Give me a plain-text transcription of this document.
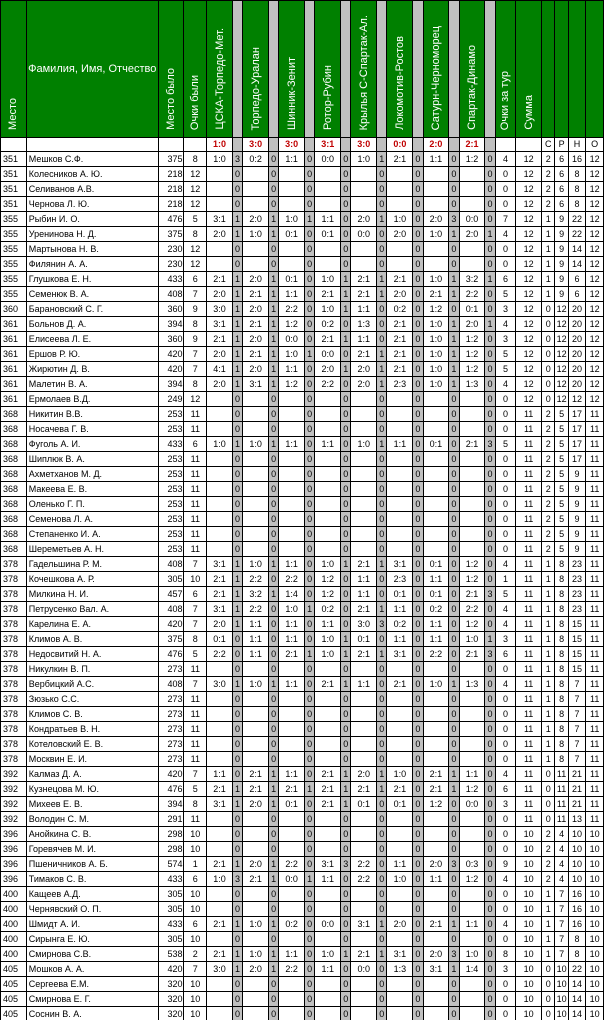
Место	Фамилия, Имя, Отчество	Место было	Очки были	ЦСКА-Торпедо-Мет.		Торпедо-Уралан		Шинник-Зенит		Ротор-Рубин		Крылья С-Спартак-Ал.		Локомотив-Ростов		Сатурн-Черноморец		Спартак-Динамо		Очки за тур	Сумма				
				1:0		3:0		3:0		3:1		3:0		0:0		2:0		2:1				С	Р	Н	О
351	Мешков С.Ф.	375	8	1:0	3	0:2	0	1:1	0	0:0	0	1:0	1	2:1	0	1:1	0	1:2	0	4	12	2	6	16	12
351	Колесников А. Ю.	218	12		0		0		0		0		0		0		0		0	0	12	2	6	8	12
351	Селиванов А.В.	218	12		0		0		0		0		0		0		0		0	0	12	2	6	8	12
351	Чернова Л. Ю.	218	12		0		0		0		0		0		0		0		0	0	12	2	6	8	12
355	Рыбин И. О.	476	5	3:1	1	2:0	1	1:0	1	1:1	0	2:0	1	1:0	0	2:0	3	0:0	0	7	12	1	9	22	12
355	Уренинова Н. Д.	375	8	2:0	1	1:0	1	0:1	0	0:1	0	0:0	0	2:0	0	1:0	1	2:0	1	4	12	1	9	22	12
355	Мартынова Н. В.	230	12		0		0		0		0		0		0		0		0	0	12	1	9	14	12
355	Филянин А. А.	230	12		0		0		0		0		0		0		0		0	0	12	1	9	14	12
355	Глушкова Е. Н.	433	6	2:1	1	2:0	1	0:1	0	1:0	1	2:1	1	2:1	0	1:0	1	3:2	1	6	12	1	9	6	12
355	Семенюк В. А.	408	7	2:0	1	2:1	1	1:1	0	2:1	1	2:1	1	2:0	0	2:1	1	2:2	0	5	12	1	9	6	12
360	Барановский С. Г.	360	9	3:0	1	2:0	1	2:2	0	1:0	1	1:1	0	0:2	0	1:2	0	0:1	0	3	12	0	12	20	12
361	Больнов Д. А.	394	8	3:1	1	2:1	1	1:2	0	0:2	0	1:3	0	2:1	0	1:0	1	2:0	1	4	12	0	12	20	12
361	Елисеева Л. Е.	360	9	2:1	1	2:0	1	0:0	0	2:1	1	1:1	0	2:1	0	1:0	1	1:2	0	3	12	0	12	20	12
361	Ершов Р. Ю.	420	7	2:0	1	2:1	1	1:0	1	0:0	0	2:1	1	2:1	0	1:0	1	1:2	0	5	12	0	12	20	12
361	Жирютин Д. В.	420	7	4:1	1	2:0	1	1:1	0	2:0	1	2:0	1	2:1	0	1:0	1	1:2	0	5	12	0	12	20	12
361	Малетин В. А.	394	8	2:0	1	3:1	1	1:2	0	2:2	0	2:0	1	2:3	0	1:0	1	1:3	0	4	12	0	12	20	12
361	Ермолаев В.Д.	249	12		0		0		0		0		0		0		0		0	0	12	0	12	12	12
368	Никитин В.В.	253	11		0		0		0		0		0		0		0		0	0	11	2	5	17	11
368	Носачева Г. В.	253	11		0		0		0		0		0		0		0		0	0	11	2	5	17	11
368	Фуголь А. И.	433	6	1:0	1	1:0	1	1:1	0	1:1	0	1:0	1	1:1	0	0:1	0	2:1	3	5	11	2	5	17	11
368	Шиплюк В. А.	253	11		0		0		0		0		0		0		0		0	0	11	2	5	17	11
368	Ахметханов М. Д.	253	11		0		0		0		0		0		0		0		0	0	11	2	5	9	11
368	Макеева Е. В.	253	11		0		0		0		0		0		0		0		0	0	11	2	5	9	11
368	Оленько Г. П.	253	11		0		0		0		0		0		0		0		0	0	11	2	5	9	11
368	Семенова Л. А.	253	11		0		0		0		0		0		0		0		0	0	11	2	5	9	11
368	Степаненко И. А.	253	11		0		0		0		0		0		0		0		0	0	11	2	5	9	11
368	Шереметьев А. Н.	253	11		0		0		0		0		0		0		0		0	0	11	2	5	9	11
378	Гадельшина Р. М.	408	7	3:1	1	1:0	1	1:1	0	1:0	1	2:1	1	3:1	0	0:1	0	1:2	0	4	11	1	8	23	11
378	Кочешкова А. Р.	305	10	2:1	1	2:2	0	2:2	0	1:2	0	1:1	0	2:3	0	1:1	0	1:2	0	1	11	1	8	23	11
378	Милкина Н. И.	457	6	2:1	1	3:2	1	1:4	0	1:2	0	1:1	0	0:1	0	0:1	0	2:1	3	5	11	1	8	23	11
378	Петрусенко Вал. А.	408	7	3:1	1	2:2	0	1:0	1	0:2	0	2:1	1	1:1	0	0:2	0	2:2	0	4	11	1	8	23	11
378	Карелина Е. А.	420	7	2:0	1	1:1	0	1:1	0	1:1	0	3:0	3	0:2	0	1:1	0	1:2	0	4	11	1	8	15	11
378	Климов А. В.	375	8	0:1	0	1:1	0	1:1	0	1:0	1	0:1	0	1:1	0	1:1	0	1:0	1	3	11	1	8	15	11
378	Недосвитий Н. А.	476	5	2:2	0	1:1	0	2:1	1	1:0	1	2:1	1	3:1	0	2:2	0	2:1	3	6	11	1	8	15	11
378	Никулкин В. П.	273	11		0		0		0		0		0		0		0		0	0	11	1	8	15	11
378	Вербицкий А.С.	408	7	3:0	1	1:0	1	1:1	0	2:1	1	1:1	0	2:1	0	1:0	1	1:3	0	4	11	1	8	7	11
378	Зюзько С.С.	273	11		0		0		0		0		0		0		0		0	0	11	1	8	7	11
378	Климов С. В.	273	11		0		0		0		0		0		0		0		0	0	11	1	8	7	11
378	Кондратьев В. Н.	273	11		0		0		0		0		0		0		0		0	0	11	1	8	7	11
378	Котеловский Е. В.	273	11		0		0		0		0		0		0		0		0	0	11	1	8	7	11
378	Москвин Е. И.	273	11		0		0		0		0		0		0		0		0	0	11	1	8	7	11
392	Калмаз Д. А.	420	7	1:1	0	2:1	1	1:1	0	2:1	1	2:0	1	1:0	0	2:1	1	1:1	0	4	11	0	11	21	11
392	Кузнецова М. Ю.	476	5	2:1	1	2:1	1	2:1	1	2:1	1	2:1	1	2:1	0	2:1	1	1:2	0	6	11	0	11	21	11
392	Михеев Е. В.	394	8	3:1	1	2:0	1	0:1	0	2:1	1	0:1	0	0:1	0	1:2	0	0:0	0	3	11	0	11	21	11
392	Володин С. М.	291	11		0		0		0		0		0		0		0		0	0	11	0	11	13	11
396	Анойкина С. В.	298	10		0		0		0		0		0		0		0		0	0	10	2	4	10	10
396	Горевячев М. И.	298	10		0		0		0		0		0		0		0		0	0	10	2	4	10	10
396	Пшеничников А. Б.	574	1	2:1	1	2:0	1	2:2	0	3:1	3	2:2	0	1:1	0	2:0	3	0:3	0	9	10	2	4	10	10
396	Тимаков С. В.	433	6	1:0	3	2:1	1	0:0	1	1:1	0	2:2	0	1:0	0	1:1	0	1:2	0	4	10	2	4	10	10
400	Кащеев А.Д.	305	10		0		0		0		0		0		0		0		0	0	10	1	7	16	10
400	Чернявский О. П.	305	10		0		0		0		0		0		0		0		0	0	10	1	7	16	10
400	Шмидт А. И.	433	6	2:1	1	1:0	1	0:2	0	0:0	0	3:1	1	2:0	0	2:1	1	1:1	0	4	10	1	7	16	10
400	Сирынга Е. Ю.	305	10		0		0		0		0		0		0		0		0	0	10	1	7	8	10
400	Смирнова С.В.	538	2	2:1	1	1:0	1	1:1	0	1:0	1	2:1	1	3:1	0	2:0	3	1:0	0	8	10	1	7	8	10
405	Мошков А. А.	420	7	3:0	1	2:0	1	2:2	0	1:1	0	0:0	0	1:3	0	3:1	1	1:4	0	3	10	0	10	22	10
405	Сергеева Е.М.	320	10		0		0		0		0		0		0		0		0	0	10	0	10	14	10
405	Смирнова Е. Г.	320	10		0		0		0		0		0		0		0		0	0	10	0	10	14	10
405	Соснин В. А.	320	10		0		0		0		0		0		0		0		0	0	10	0	10	14	10
